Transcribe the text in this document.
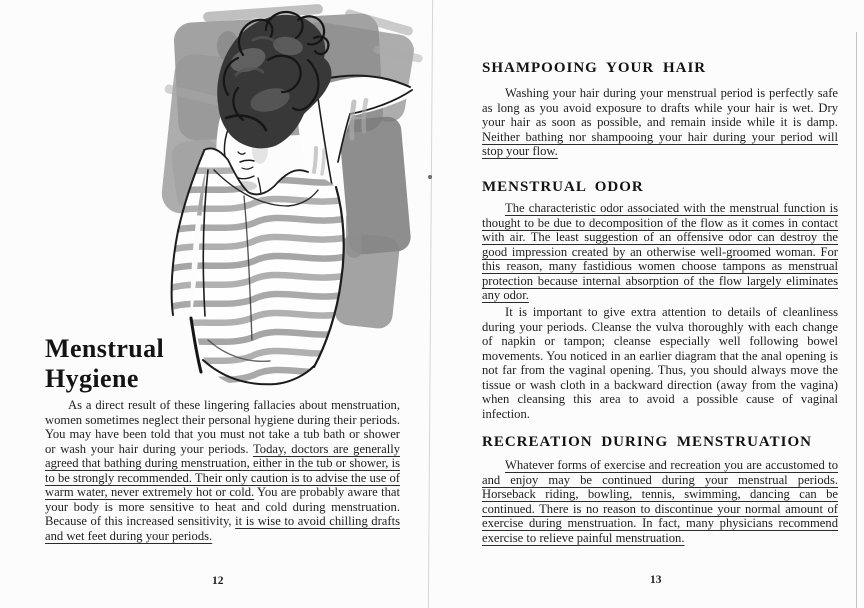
Menstrual
Hygiene

As a direct result of these lingering fallacies about menstruation, women sometimes neglect their personal hygiene during their periods. You may have been told that you must not take a tub bath or shower or wash your hair during your periods. Today, doctors are generally agreed that bathing during menstruation, either in the tub or shower, is to be strongly recommended. Their only caution is to advise the use of warm water, never extremely hot or cold. You are probably aware that your body is more sensitive to heat and cold during menstruation. Because of this increased sensitivity, it is wise to avoid chilling drafts and wet feet during your periods.

12
SHAMPOOING YOUR HAIR

Washing your hair during your menstrual period is perfectly safe as long as you avoid exposure to drafts while your hair is wet. Dry your hair as soon as possible, and remain inside while it is damp. Neither bathing nor shampooing your hair during your period will stop your flow.

MENSTRUAL ODOR

The characteristic odor associated with the menstrual function is thought to be due to decomposition of the flow as it comes in contact with air. The least suggestion of an offensive odor can destroy the good impression created by an otherwise well-groomed woman. For this reason, many fastidious women choose tampons as menstrual protection because internal absorption of the flow largely eliminates any odor.

It is important to give extra attention to details of cleanliness during your periods. Cleanse the vulva thoroughly with each change of napkin or tampon; cleanse especially well following bowel movements. You noticed in an earlier diagram that the anal opening is not far from the vaginal opening. Thus, you should always move the tissue or wash cloth in a backward direction (away from the vagina) when cleansing this area to avoid a possible cause of vaginal infection.

RECREATION DURING MENSTRUATION

Whatever forms of exercise and recreation you are accustomed to and enjoy may be continued during your menstrual periods. Horseback riding, bowling, tennis, swimming, dancing can be continued. There is no reason to discontinue your normal amount of exercise during menstruation. In fact, many physicians recommend exercise to relieve painful menstruation.

13
